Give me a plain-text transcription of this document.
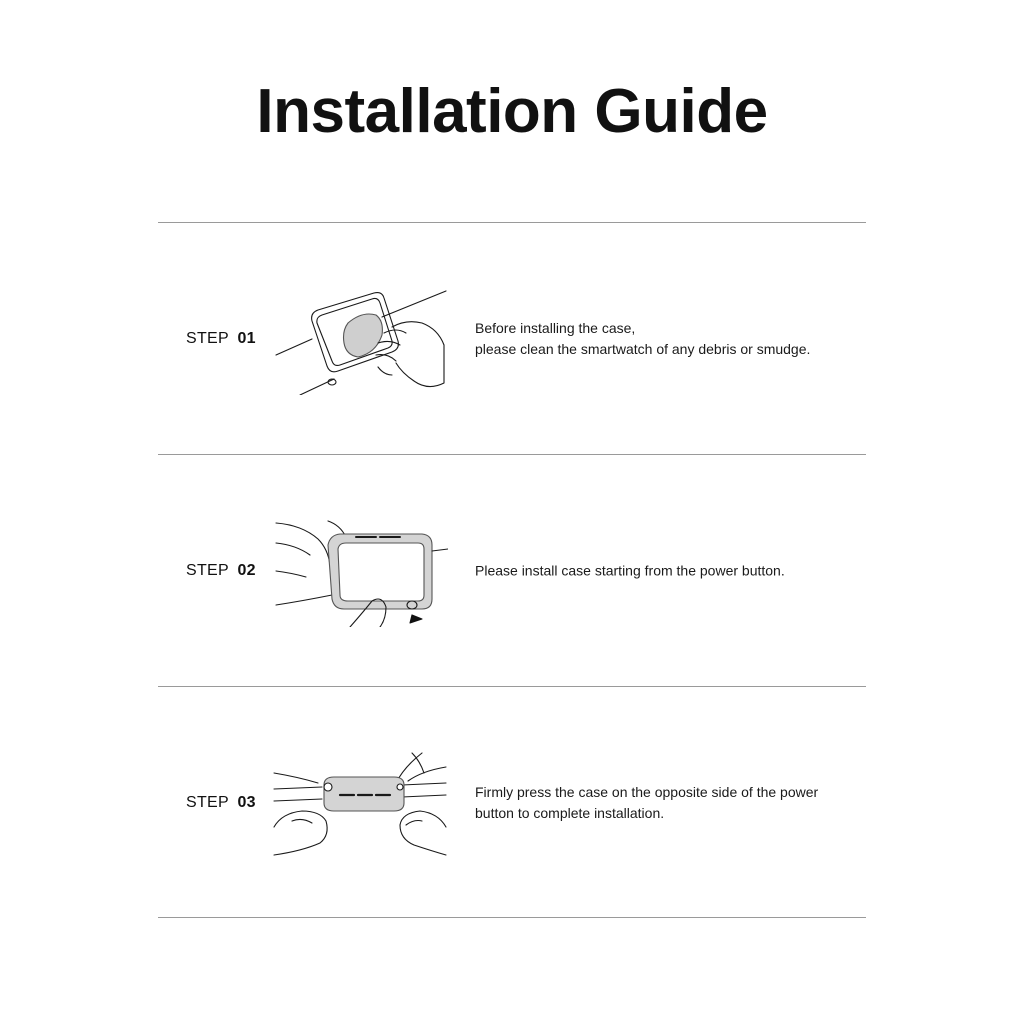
Installation Guide
STEP 01
Before installing the case,
please clean the smartwatch of any debris or smudge.
STEP 02	Please install case starting from the power button.
STEP 03
Firmly press the case on the opposite side of the power
button to complete installation.
